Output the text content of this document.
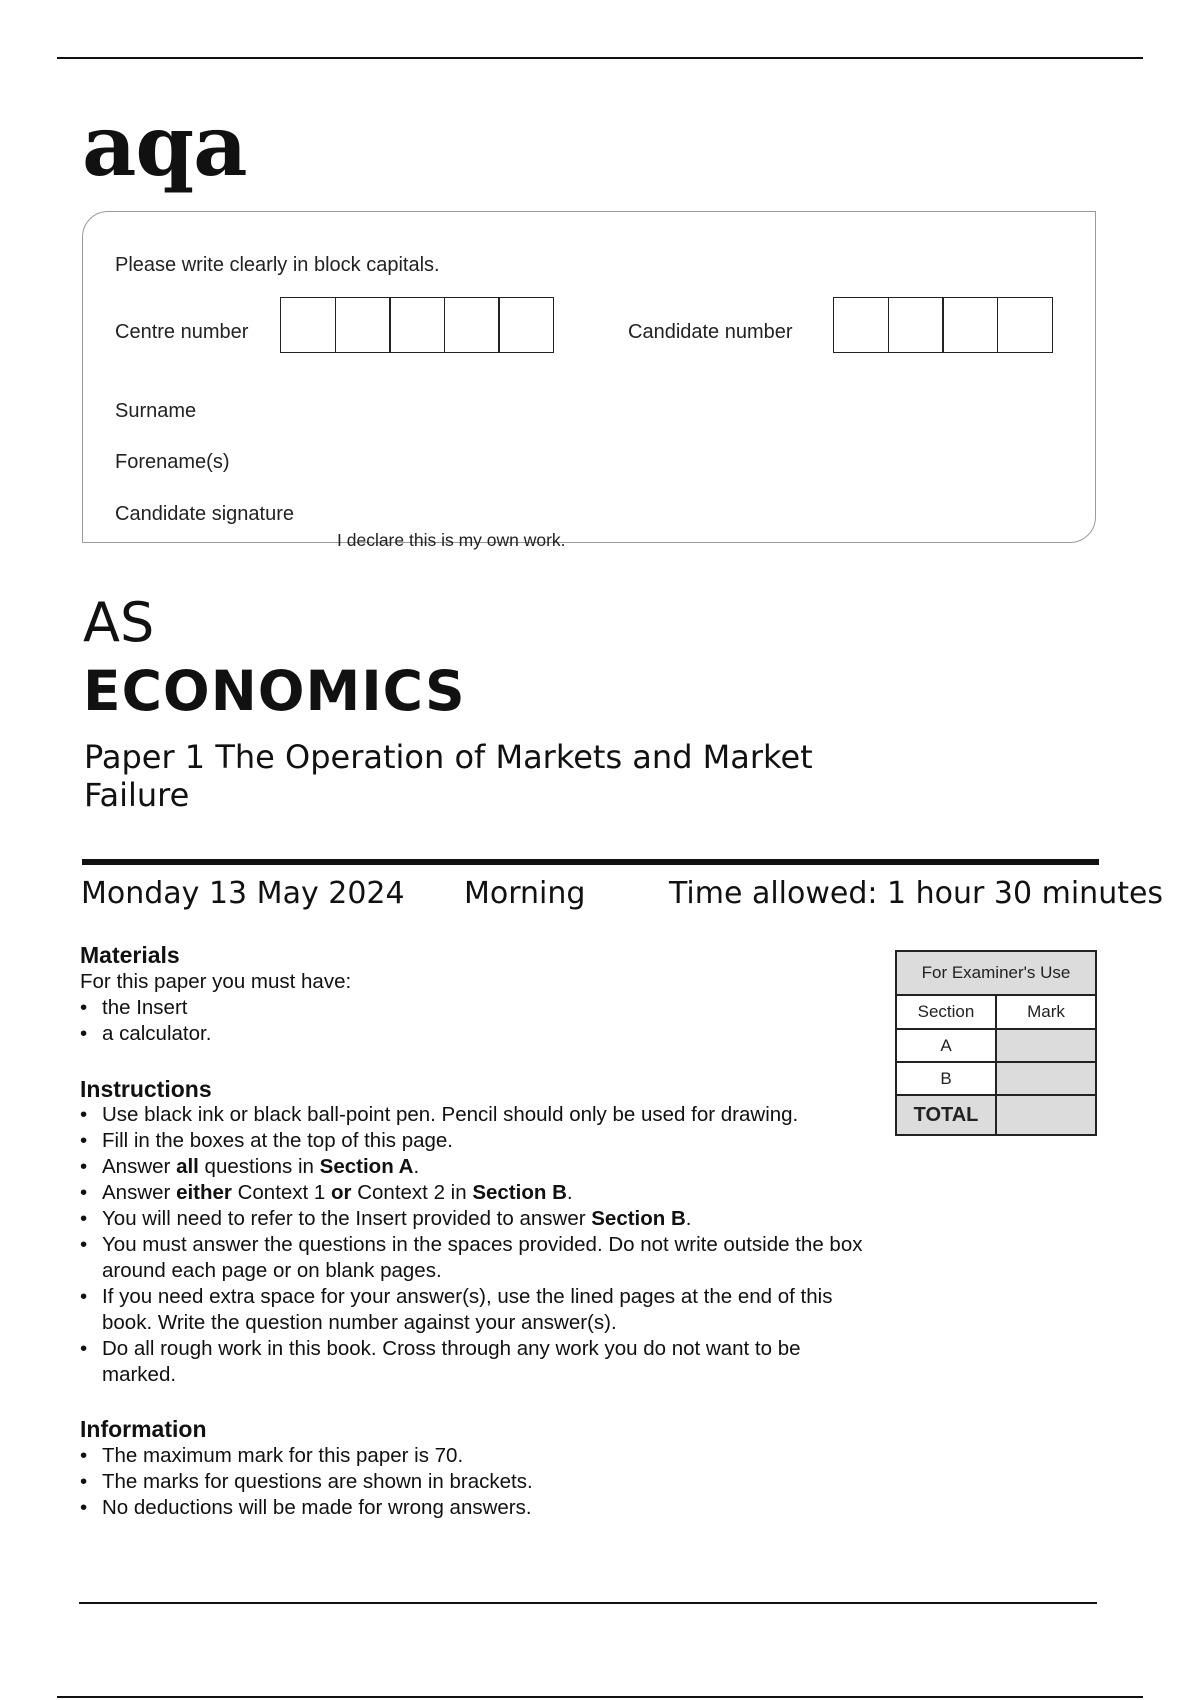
aqa
Please write clearly in block capitals.
Centre number	Candidate number
Surname
Forename(s)
Candidate signature
I declare this is my own work.
AS
ECONOMICS
Paper 1 The Operation of Markets and Market Failure
Monday 13 May 2024 Morning	Time allowed: 1 hour 30 minutes
Materials
For this paper you must have:
• the Insert
• a calculator.
Instructions
• Use black ink or black ball-point pen. Pencil should only be used for drawing.
• Fill in the boxes at the top of this page.
• Answer all questions in Section A.
• Answer either Context 1 or Context 2 in Section B.
• You will need to refer to the Insert provided to answer Section B.
• You must answer the questions in the spaces provided. Do not write outside the box around each page or on blank pages.
• If you need extra space for your answer(s), use the lined pages at the end of this book. Write the question number against your answer(s).
• Do all rough work in this book. Cross through any work you do not want to be marked.
Information
• The maximum mark for this paper is 70.
• The marks for questions are shown in brackets.
• No deductions will be made for wrong answers.
For Examiner's Use	
Section	Mark
A	
B	
TOTAL	
